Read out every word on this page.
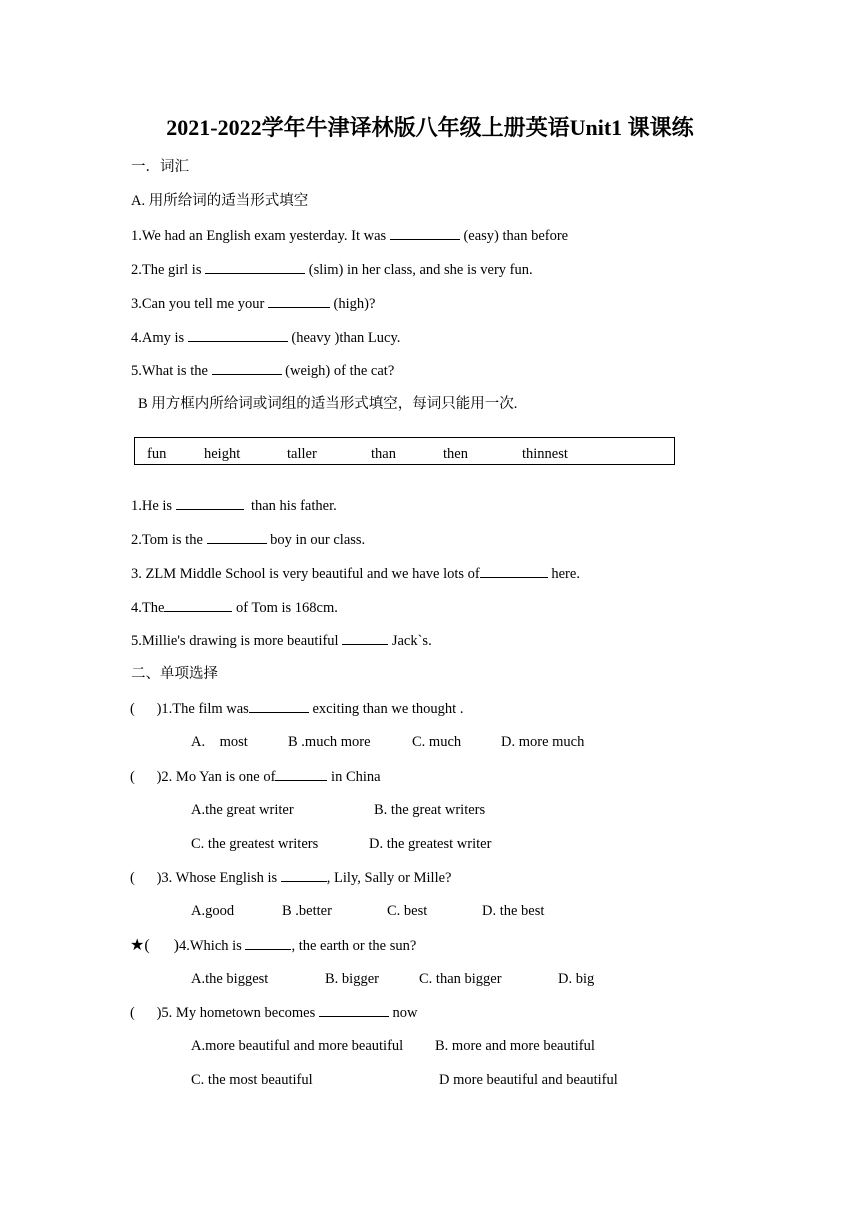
2021-2022学年牛津译林版八年级上册英语Unit1 课课练
一．词汇
A. 用所给词的适当形式填空
1.We had an English exam yesterday. It was	(easy) than before
2.The girl is	(slim) in her class, and she is very fun.
3.Can you tell me your	(high)?
4.Amy is	(heavy )than Lucy.
5.What is the	(weigh) of the cat?
B 用方框内所给词或词组的适当形式填空，每词只能用一次.
fun	height	taller	than	then	thinnest
1.He is	than his father.
2.Tom is the	boy in our class.
3. ZLM Middle School is very beautiful and we have lots of	here.
4.The	of Tom is 168cm.
5.Millie's drawing is more beautiful	Jack`s.
二、单项选择
(      )1.The film was	exciting than we thought .
A.    most	B .much more	C. much	D. more much
(      )2. Mo Yan is one of	in China
A.the great writer	B. the great writers
C. the greatest writers	D. the greatest writer
(      )3. Whose English is	, Lily, Sally or Mille?
A.good	B .better	C. best	D. the best
★(      )4.Which is	, the earth or the sun?
A.the biggest	B. bigger	C. than bigger	D. big
(      )5. My hometown becomes	now
A.more beautiful and more beautiful B. more and more beautiful
C. the most beautiful	D more beautiful and beautiful
